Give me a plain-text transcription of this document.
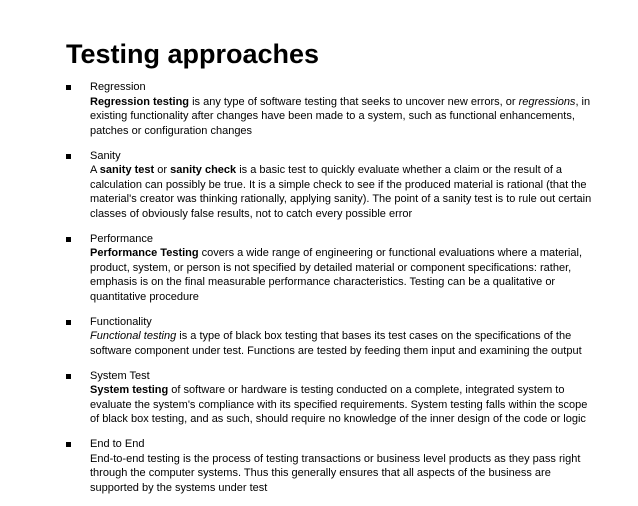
Testing approaches
Regression
Regression testing is any type of software testing that seeks to uncover new errors, or regressions, in existing functionality after changes have been made to a system, such as functional enhancements, patches or configuration changes
Sanity
A sanity test or sanity check is a basic test to quickly evaluate whether a claim or the result of a calculation can possibly be true. It is a simple check to see if the produced material is rational (that the material's creator was thinking rationally, applying sanity). The point of a sanity test is to rule out certain classes of obviously false results, not to catch every possible error
Performance
Performance Testing covers a wide range of engineering or functional evaluations where a material, product, system, or person is not specified by detailed material or component specifications: rather, emphasis is on the final measurable performance characteristics. Testing can be a qualitative or quantitative procedure
Functionality
Functional testing is a type of black box testing that bases its test cases on the specifications of the software component under test. Functions are tested by feeding them input and examining the output
System Test
System testing of software or hardware is testing conducted on a complete, integrated system to evaluate the system's compliance with its specified requirements. System testing falls within the scope of black box testing, and as such, should require no knowledge of the inner design of the code or logic
End to End
End-to-end testing is the process of testing transactions or business level products as they pass right through the computer systems. Thus this generally ensures that all aspects of the business are supported by the systems under test
